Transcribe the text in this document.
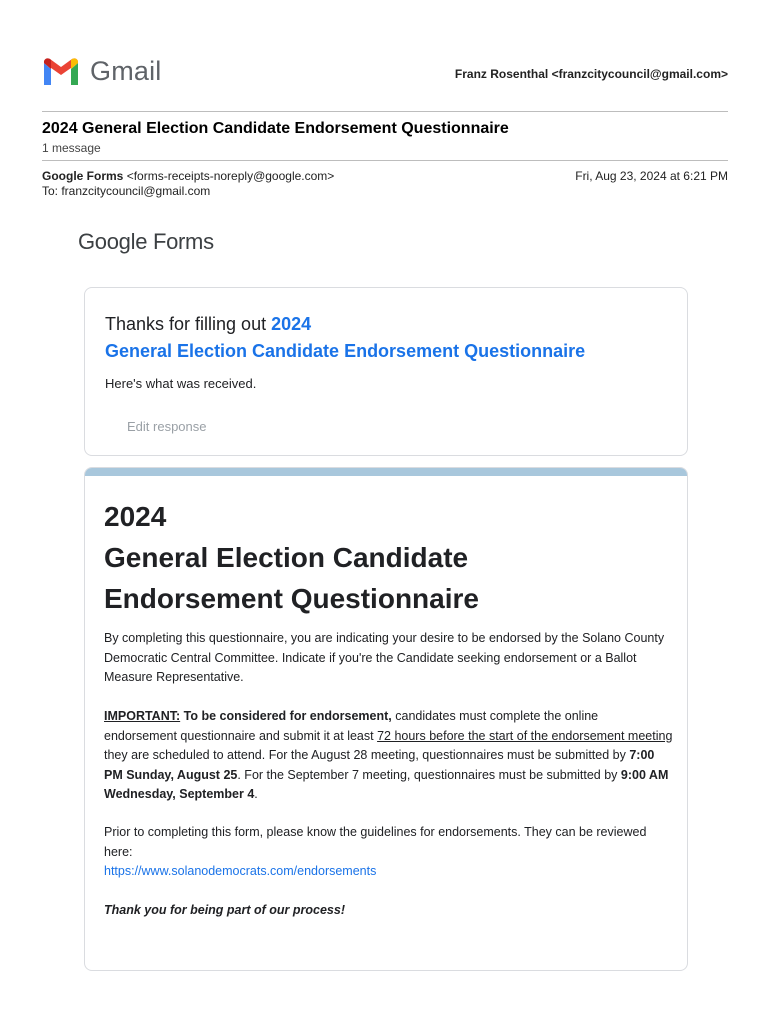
Gmail	Franz Rosenthal <franzcitycouncil@gmail.com>
2024 General Election Candidate Endorsement Questionnaire
1 message
Google Forms <forms-receipts-noreply@google.com>
To: franzcitycouncil@gmail.com
Fri, Aug 23, 2024 at 6:21 PM
Google Forms
Thanks for filling out 2024
General Election Candidate Endorsement Questionnaire
Here's what was received.
Edit response
2024
General Election Candidate
Endorsement Questionnaire
By completing this questionnaire, you are indicating your desire to be endorsed by the Solano County Democratic Central Committee. Indicate if you're the Candidate seeking endorsement or a Ballot Measure Representative.
IMPORTANT: To be considered for endorsement, candidates must complete the online endorsement questionnaire and submit it at least 72 hours before the start of the endorsement meeting they are scheduled to attend. For the August 28 meeting, questionnaires must be submitted by 7:00 PM Sunday, August 25. For the September 7 meeting, questionnaires must be submitted by 9:00 AM Wednesday, September 4.
Prior to completing this form, please know the guidelines for endorsements. They can be reviewed here:
https://www.solanodemocrats.com/endorsements
Thank you for being part of our process!
